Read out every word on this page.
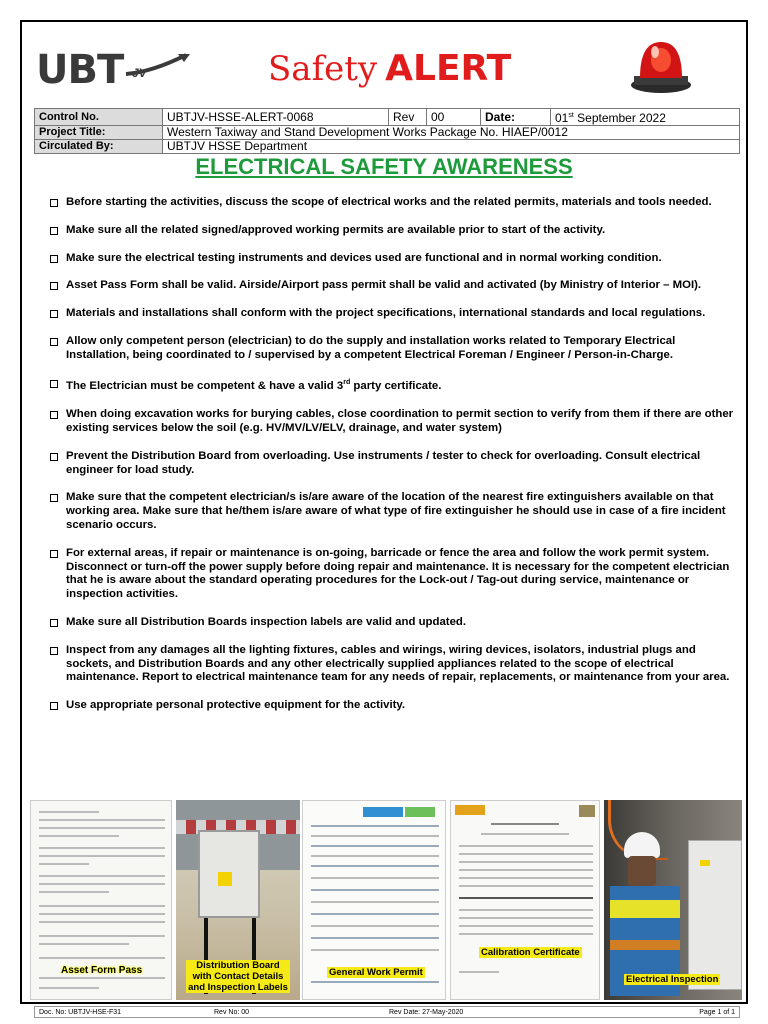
UBT JV	Safety ALERT
Control No.	UBTJV-HSSE-ALERT-0068	Rev	00	Date:	01st September 2022
Project Title:	Western Taxiway and Stand Development Works Package No. HIAEP/0012				
Circulated By:	UBTJV HSSE Department				
ELECTRICAL SAFETY AWARENESS
Before starting the activities, discuss the scope of electrical works and the related permits, materials and tools needed.
Make sure all the related signed/approved working permits are available prior to start of the activity.
Make sure the electrical testing instruments and devices used are functional and in normal working condition.
Asset Pass Form shall be valid. Airside/Airport pass permit shall be valid and activated (by Ministry of Interior – MOI).
Materials and installations shall conform with the project specifications, international standards and local regulations.
Allow only competent person (electrician) to do the supply and installation works related to Temporary Electrical Installation, being coordinated to / supervised by a competent Electrical Foreman / Engineer / Person-in-Charge.
The Electrician must be competent & have a valid 3rd party certificate.
When doing excavation works for burying cables, close coordination to permit section to verify from them if there are other existing services below the soil (e.g. HV/MV/LV/ELV, drainage, and water system)
Prevent the Distribution Board from overloading. Use instruments / tester to check for overloading. Consult electrical engineer for load study.
Make sure that the competent electrician/s is/are aware of the location of the nearest fire extinguishers available on that working area. Make sure that he/them is/are aware of what type of fire extinguisher he should use in case of a fire incident scenario occurs.
For external areas, if repair or maintenance is on-going, barricade or fence the area and follow the work permit system. Disconnect or turn-off the power supply before doing repair and maintenance. It is necessary for the competent electrician that he is aware about the standard operating procedures for the Lock-out / Tag-out during service, maintenance or inspection activities.
Make sure all Distribution Boards inspection labels are valid and updated.
Inspect from any damages all the lighting fixtures, cables and wirings, wiring devices, isolators, industrial plugs and sockets, and Distribution Boards and any other electrically supplied appliances related to the scope of electrical maintenance. Report to electrical maintenance team for any needs of repair, replacements, or maintenance from your area.
Use appropriate personal protective equipment for the activity.
Asset Form Pass	Distribution Board with Contact Details and Inspection Labels
General Work Permit
Calibration Certificate
Electrical Inspection
Doc. No: UBTJV-HSE-F31	Rev No: 00	Rev Date: 27-May-2020	Page 1 of 1
